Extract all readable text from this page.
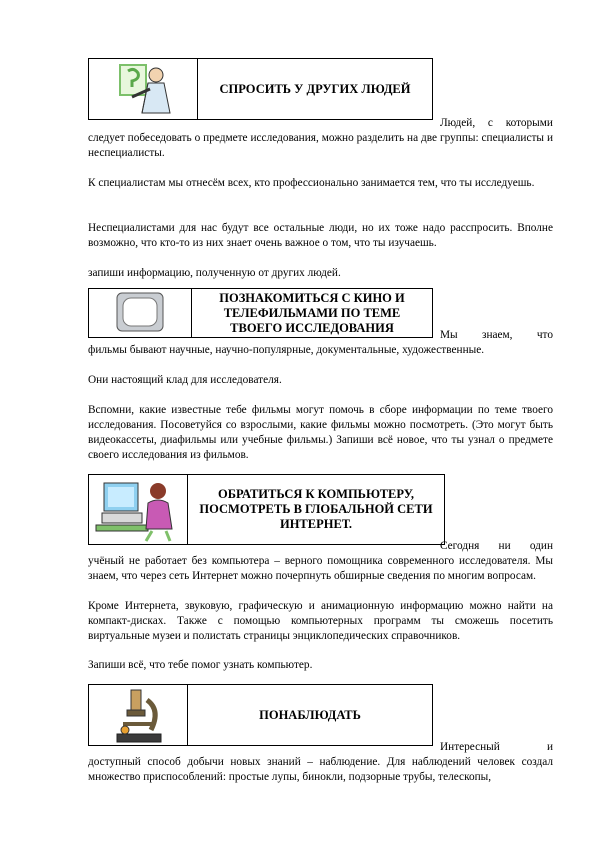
СПРОСИТЬ У ДРУГИХ ЛЮДЕЙ
Людей, с которыми

следует побеседовать о предмете исследования, можно разделить на две группы: специалисты и неспециалисты.

К специалистам мы отнесём всех, кто профессионально занимается тем, что ты исследуешь.

Неспециалистами для нас будут все остальные люди, но их тоже надо расспросить. Вполне возможно, что кто-то из них знает очень важное о том, что ты изучаешь.

запиши информацию, полученную от других людей.

ПОЗНАКОМИТЬСЯ С КИНО И ТЕЛЕФИЛЬМАМИ ПО ТЕМЕ ТВОЕГО ИССЛЕДОВАНИЯ
Мы знаем, что

фильмы бывают научные, научно-популярные, документальные, художественные.

Они настоящий клад для исследователя.

Вспомни, какие известные тебе фильмы могут помочь в сборе информации по теме твоего исследования. Посоветуйся со взрослыми, какие фильмы можно посмотреть. (Это могут быть видеокассеты, диафильмы или учебные фильмы.) Запиши всё новое, что ты узнал о предмете своего исследования из фильмов.

ОБРАТИТЬСЯ К КОМПЬЮТЕРУ, ПОСМОТРЕТЬ В ГЛОБАЛЬНОЙ СЕТИ ИНТЕРНЕТ.
Сегодня ни один

учёный не работает без компьютера – верного помощника современного исследователя. Мы знаем, что через сеть Интернет можно почерпнуть обширные сведения по многим вопросам.

Кроме Интернета, звуковую, графическую и анимационную информацию можно найти на компакт-дисках. Также с помощью компьютерных программ ты сможешь посетить виртуальные музеи и полистать страницы энциклопедических справочников.

Запиши всё, что тебе помог узнать компьютер.

ПОНАБЛЮДАТЬ
Интересный	и

доступный способ добычи новых знаний – наблюдение. Для наблюдений человек создал множество приспособлений: простые лупы, бинокли, подзорные трубы, телескопы,
